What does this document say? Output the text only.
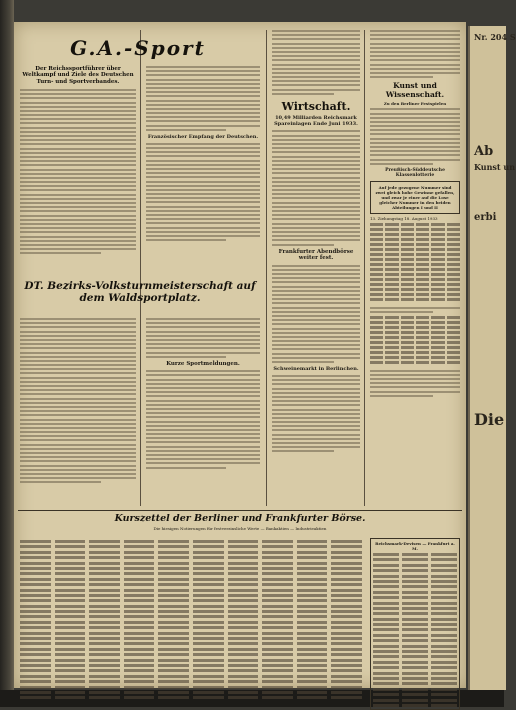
Nr. 204 S
Ab
Kunst un
erbi
Die
G.A.-Sport
Der Reichssportführer über Weltkampf und Ziele des Deutschen Turn- und Sportverbandes.
Französischer Empfang der Deutschen.
DT. Bezirks-Volksturnmeisterschaft auf dem Waldsportplatz.
Kurze Sportmeldungen.
Wirtschaft.
10,49 Milliarden Reichsmark Spareinlagen Ende Juni 1933.
Frankfurter Abendbörse weiter fest.
Schweinemarkt in Berlinchen.
Kunst und Wissenschaft.
Zu den Berliner Festspielen
Preußisch-Süddeutsche Klassenlotterie
Auf jede gezogene Nummer sind zwei gleich hohe Gewinne gefallen, und zwar je einer auf die Lose gleicher Nummer in den beiden Abteilungen I und II
13. Ziehungstag 18. August 1933
Kurszettel der Berliner und Frankfurter Börse.
Die hiesigen Notierungen für festverzinsliche Werte — Bankaktien — Industrieaktien
Reichsmark-Devisen — Frankfurt a. M.
